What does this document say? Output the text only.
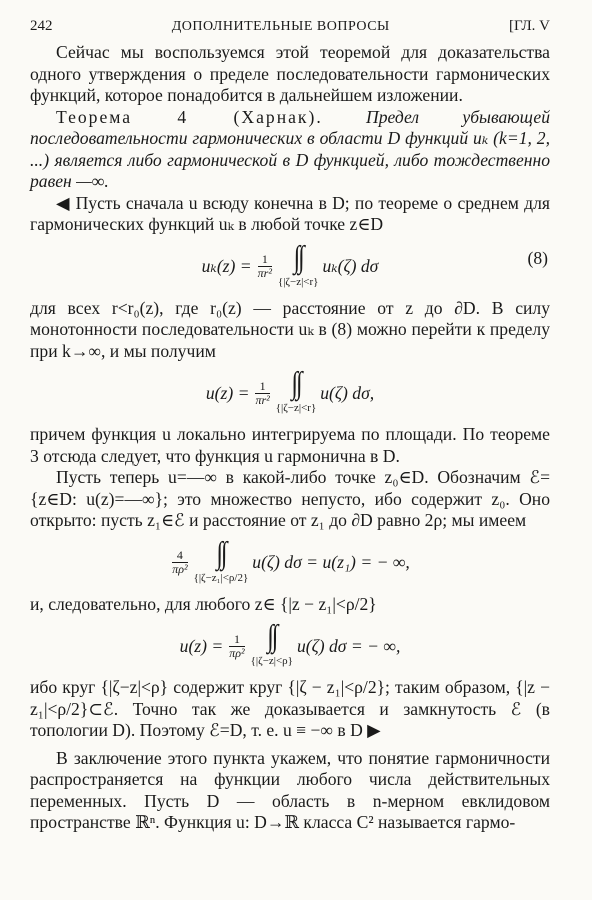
242	ДОПОЛНИТЕЛЬНЫЕ ВОПРОСЫ	[ГЛ. V

Сейчас мы воспользуемся этой теоремой для доказательства одного утверждения о пределе последовательности гармонических функций, которое понадобится в дальнейшем изложении.

Теорема 4 (Харнак). Предел убывающей последовательности гармонических в области D функций uₖ (k=1, 2, ...) является либо гармонической в D функцией, либо тождественно равен —∞.

◀ Пусть сначала u всюду конечна в D; по теореме о среднем для гармонических функций uₖ в любой точке z∈D

$u_k(z) = \frac{1}{\text{πr²}}$ ∫∫
{|ζ−z|<r}
uₖ(ζ) dσ	(8)

для всех r<r₀(z), где r₀(z) — расстояние от z до ∂D. В силу монотонности последовательности uₖ в (8) можно перейти к пределу при k→∞, и мы получим

$u(z) = \frac{1}{\text{πr²}}$ ∫∫
{|ζ−z|<r}
u(ζ) dσ,

причем функция u локально интегрируема по площади. По теореме 3 отсюда следует, что функция u гармонична в D.

Пусть теперь u=—∞ в какой-либо точке z₀∈D. Обозначим ℰ={z∈D: u(z)=—∞}; это множество непусто, ибо содержит z₀. Оно открыто: пусть z₁∈ℰ и расстояние от z₁ до ∂D равно 2ρ; мы имеем

$\frac{4}{\text{πρ²}}$ ∫∫
{|ζ−z₁|<ρ/2}
u(ζ) dσ = u(z₁) = − ∞,

и, следовательно, для любого z∈ {|z − z₁|<ρ/2}

$u(z) = \frac{1}{\text{πρ²}}$ ∫∫
{|ζ−z|<ρ}
u(ζ) dσ = − ∞,

ибо круг {|ζ−z|<ρ} содержит круг {|ζ − z₁|<ρ/2}; таким образом, {|z − z₁|<ρ/2}⊂ℰ. Точно так же доказывается и замкнутость ℰ (в топологии D). Поэтому ℰ=D, т. е. u ≡ −∞ в D ▶

В заключение этого пункта укажем, что понятие гармоничности распространяется на функции любого числа действительных переменных. Пусть D — область в n-мерном евклидовом пространстве ℝⁿ. Функция u: D→ℝ класса C² называется гармо-
